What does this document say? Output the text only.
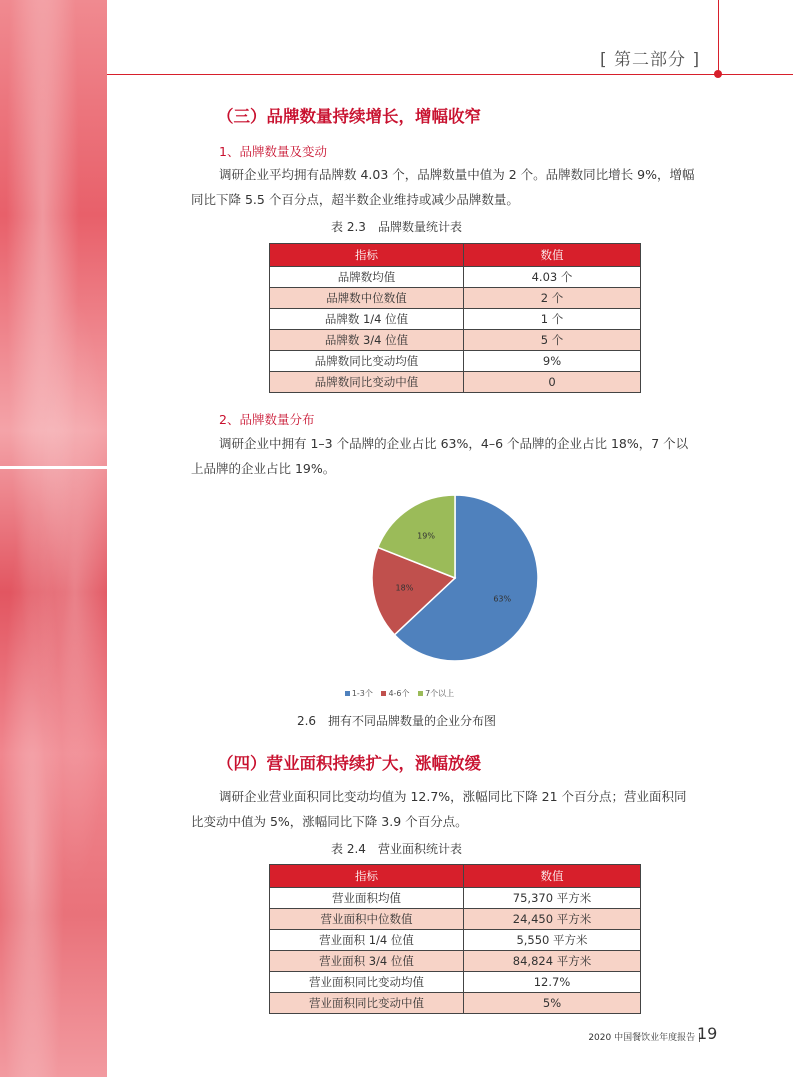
[ 第二部分 ]
（三）品牌数量持续增长，增幅收窄

1、品牌数量及变动

调研企业平均拥有品牌数 4.03 个，品牌数量中值为 2 个。品牌数同比增长 9%，增幅
同比下降 5.5 个百分点，超半数企业维持或减少品牌数量。

表 2.3　品牌数量统计表
指标	数值
品牌数均值	4.03 个
品牌数中位数值	2 个
品牌数 1/4 位值	1 个
品牌数 3/4 位值	5 个
品牌数同比变动均值	9%
品牌数同比变动中值	0

2、品牌数量分布

调研企业中拥有 1–3 个品牌的企业占比 63%，4–6 个品牌的企业占比 18%，7 个以
上品牌的企业占比 19%。

63%
18%
19%
1-3个 4-6个 7个以上
2.6　拥有不同品牌数量的企业分布图
（四）营业面积持续扩大，涨幅放缓

调研企业营业面积同比变动均值为 12.7%，涨幅同比下降 21 个百分点；营业面积同
比变动中值为 5%，涨幅同比下降 3.9 个百分点。

表 2.4　营业面积统计表
指标	数值
营业面积均值	75,370 平方米
营业面积中位数值	24,450 平方米
营业面积 1/4 位值	5,550 平方米
营业面积 3/4 位值	84,824 平方米
营业面积同比变动均值	12.7%
营业面积同比变动中值	5%
2020 中国餐饮业年度报告 |
19
